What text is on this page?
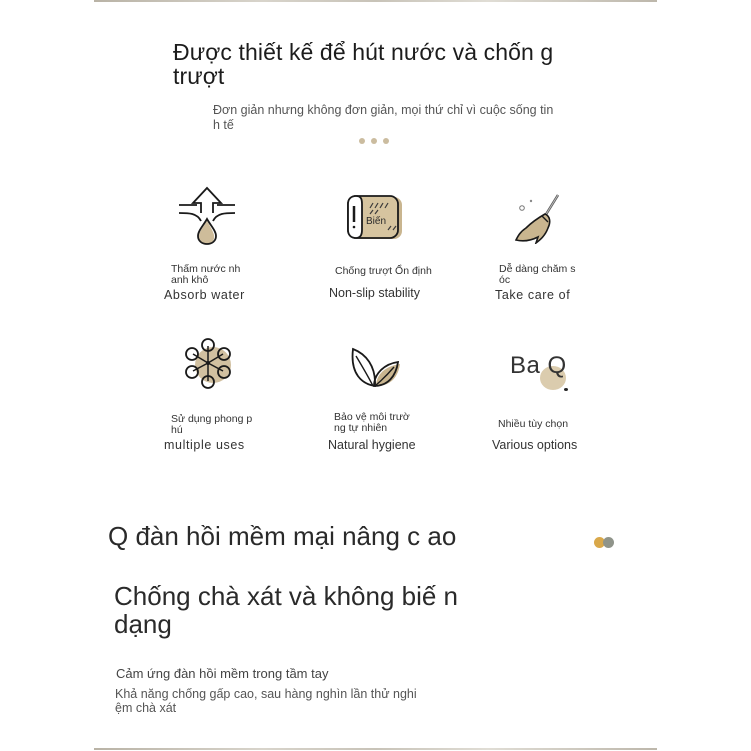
Được thiết kế để hút nước và chốn g trượt
Đơn giản nhưng không đơn giản, mọi thứ chỉ vì cuộc sống tin h tế
Thấm nước nh anh khô
Absorb water
Biến
Chống trượt Ổn định
Non-slip stability
Dễ dàng chăm s óc
Take care of
Sử dụng phong p hú
multiple uses
Bảo vệ môi trườ ng tự nhiên
Natural hygiene
Ba Q
Nhiều tùy chọn
Various options
Q đàn hồi mềm mại nâng c ao
Chống chà xát và không biế n dạng
Cảm ứng đàn hồi mềm trong tầm tay
Khả năng chống gấp cao, sau hàng nghìn lần thử nghi ệm chà xát
